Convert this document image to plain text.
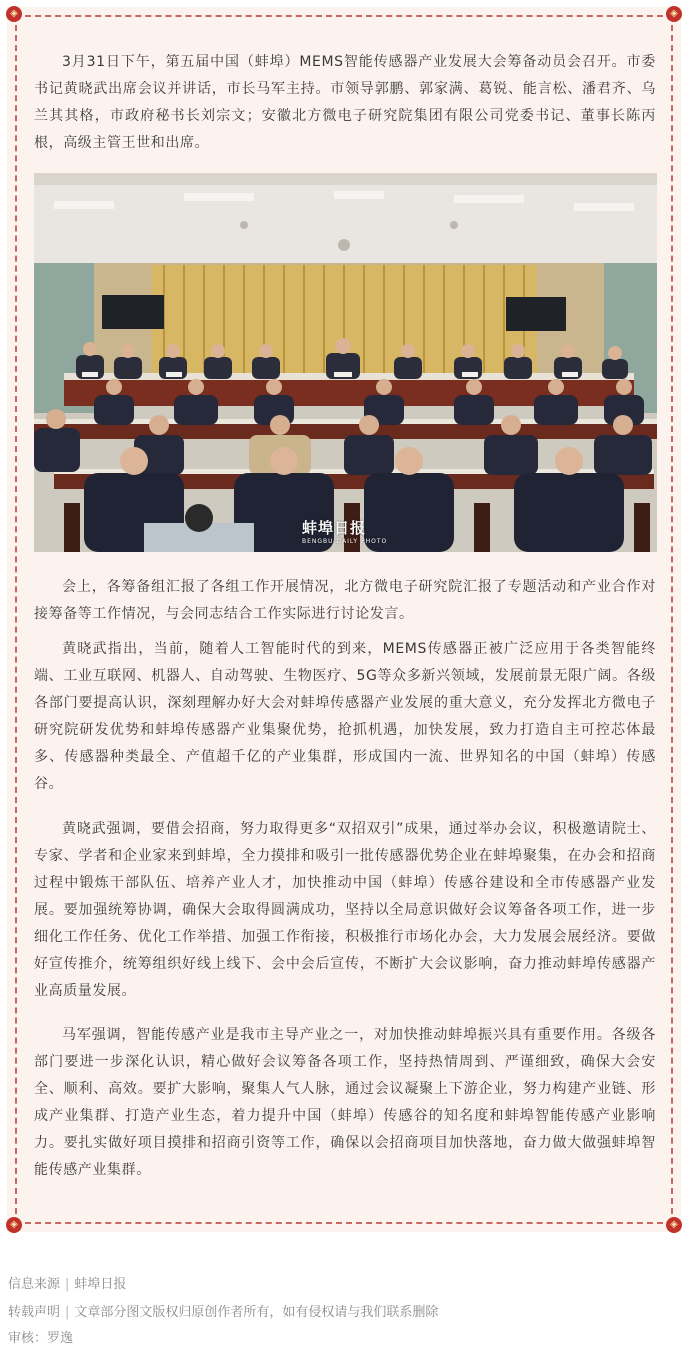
◈	◈
◈	◈

3月31日下午，第五届中国（蚌埠）MEMS智能传感器产业发展大会筹备动员会召开。市委书记黄晓武出席会议并讲话，市长马军主持。市领导郭鹏、郭家满、葛锐、能言松、潘君齐、乌兰其其格，市政府秘书长刘宗文；安徽北方微电子研究院集团有限公司党委书记、董事长陈丙根，高级主管王世和出席。

蚌埠日报
BENGBU DAILY PHOTO

会上，各筹备组汇报了各组工作开展情况，北方微电子研究院汇报了专题活动和产业合作对接筹备等工作情况，与会同志结合工作实际进行讨论发言。

黄晓武指出，当前，随着人工智能时代的到来，MEMS传感器正被广泛应用于各类智能终端、工业互联网、机器人、自动驾驶、生物医疗、5G等众多新兴领域，发展前景无限广阔。各级各部门要提高认识，深刻理解办好大会对蚌埠传感器产业发展的重大意义，充分发挥北方微电子研究院研发优势和蚌埠传感器产业集聚优势，抢抓机遇，加快发展，致力打造自主可控芯体最多、传感器种类最全、产值超千亿的产业集群，形成国内一流、世界知名的中国（蚌埠）传感谷。

黄晓武强调，要借会招商，努力取得更多“双招双引”成果，通过举办会议，积极邀请院士、专家、学者和企业家来到蚌埠，全力摸排和吸引一批传感器优势企业在蚌埠聚集，在办会和招商过程中锻炼干部队伍、培养产业人才，加快推动中国（蚌埠）传感谷建设和全市传感器产业发展。要加强统筹协调，确保大会取得圆满成功，坚持以全局意识做好会议筹备各项工作，进一步细化工作任务、优化工作举措、加强工作衔接，积极推行市场化办会，大力发展会展经济。要做好宣传推介，统筹组织好线上线下、会中会后宣传，不断扩大会议影响，奋力推动蚌埠传感器产业高质量发展。

马军强调，智能传感产业是我市主导产业之一，对加快推动蚌埠振兴具有重要作用。各级各部门要进一步深化认识，精心做好会议筹备各项工作，坚持热情周到、严谨细致，确保大会安全、顺利、高效。要扩大影响，聚集人气人脉，通过会议凝聚上下游企业，努力构建产业链、形成产业集群、打造产业生态，着力提升中国（蚌埠）传感谷的知名度和蚌埠智能传感产业影响力。要扎实做好项目摸排和招商引资等工作，确保以会招商项目加快落地，奋力做大做强蚌埠智能传感产业集群。

信息来源 | 蚌埠日报
转载声明 | 文章部分图文版权归原创作者所有，如有侵权请与我们联系删除
审核：罗逸
